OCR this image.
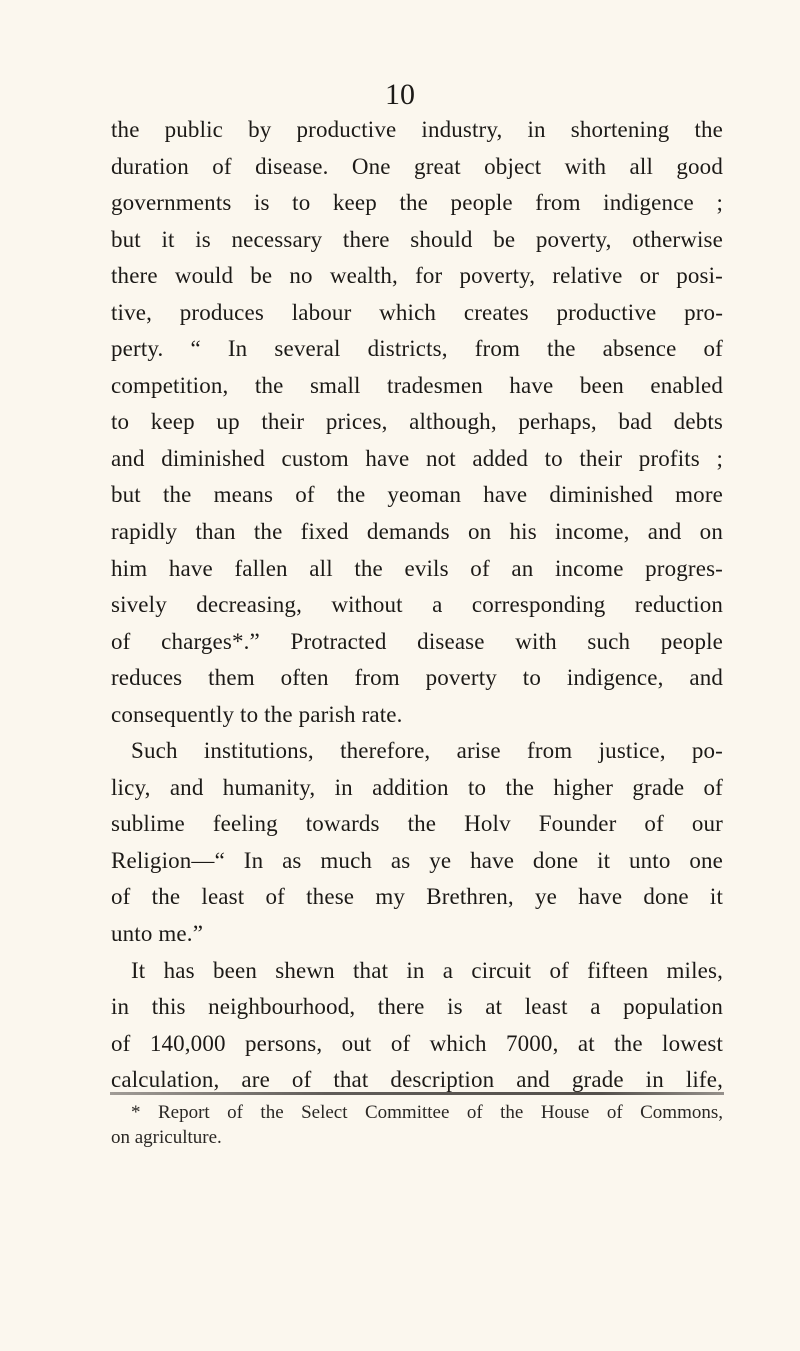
10
the public by productive industry, in shortening the
duration of disease. One great object with all good
governments is to keep the people from indigence ;
but it is necessary there should be poverty, otherwise
there would be no wealth, for poverty, relative or posi-
tive, produces labour which creates productive pro-
perty. “ In several districts, from the absence of
competition, the small tradesmen have been enabled
to keep up their prices, although, perhaps, bad debts
and diminished custom have not added to their profits ;
but the means of the yeoman have diminished more
rapidly than the fixed demands on his income, and on
him have fallen all the evils of an income progres-
sively decreasing, without a corresponding reduction
of charges*.” Protracted disease with such people
reduces them often from poverty to indigence, and
consequently to the parish rate.
Such institutions, therefore, arise from justice, po-
licy, and humanity, in addition to the higher grade of
sublime feeling towards the Holv Founder of our
Religion—“ In as much as ye have done it unto one
of the least of these my Brethren, ye have done it
unto me.”
It has been shewn that in a circuit of fifteen miles,
in this neighbourhood, there is at least a population
of 140,000 persons, out of which 7000, at the lowest
calculation, are of that description and grade in life,
* Report of the Select Committee of the House of Commons,
on agriculture.
